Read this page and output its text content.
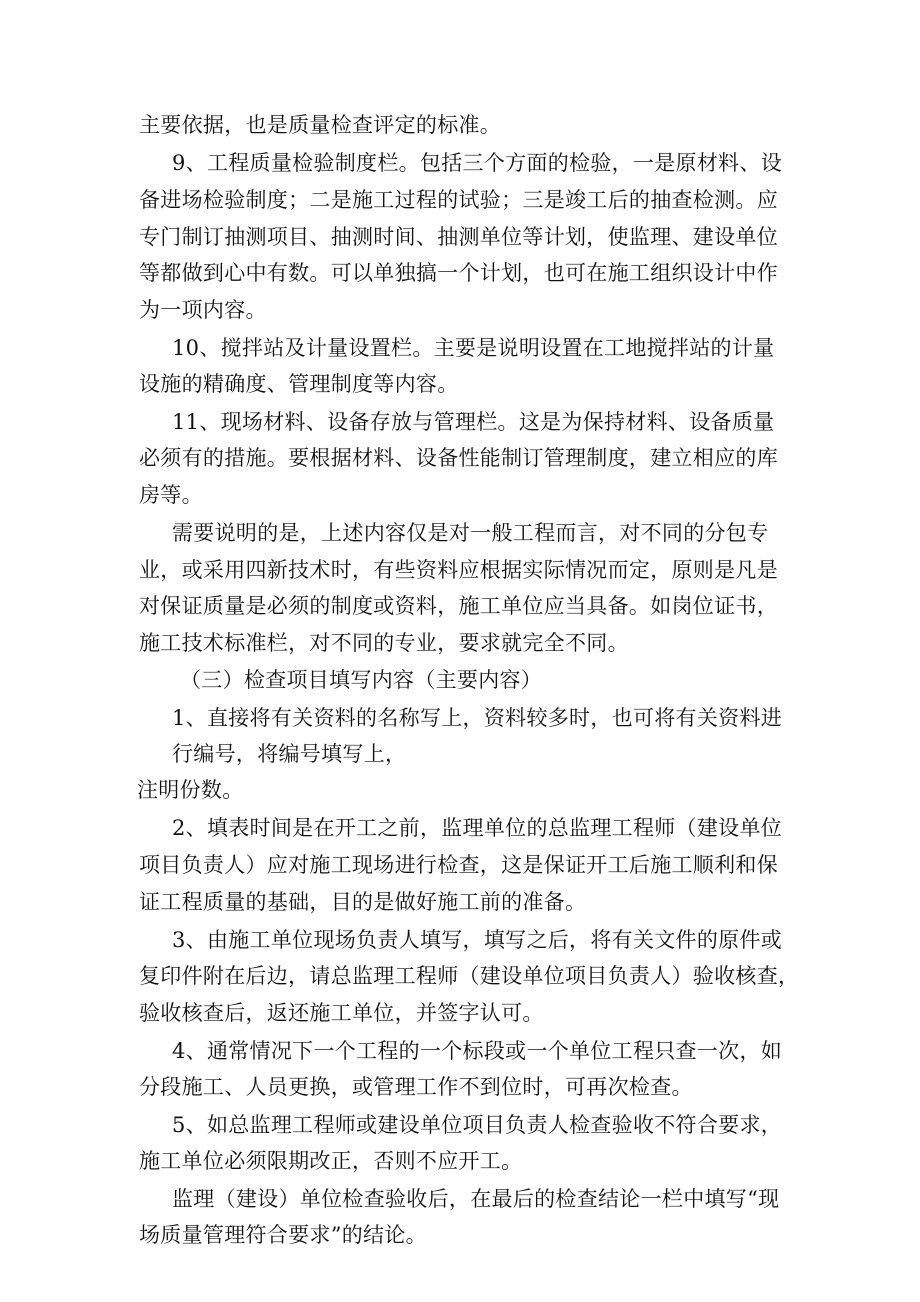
主要依据，也是质量检查评定的标准。
9、工程质量检验制度栏。包括三个方面的检验，一是原材料、设
备进场检验制度；二是施工过程的试验；三是竣工后的抽查检测。应
专门制订抽测项目、抽测时间、抽测单位等计划，使监理、建设单位
等都做到心中有数。可以单独搞一个计划，也可在施工组织设计中作
为一项内容。
10、搅拌站及计量设置栏。主要是说明设置在工地搅拌站的计量
设施的精确度、管理制度等内容。
11、现场材料、设备存放与管理栏。这是为保持材料、设备质量
必须有的措施。要根据材料、设备性能制订管理制度，建立相应的库
房等。
需要说明的是，上述内容仅是对一般工程而言，对不同的分包专
业，或采用四新技术时，有些资料应根据实际情况而定，原则是凡是
对保证质量是必须的制度或资料，施工单位应当具备。如岗位证书，
施工技术标准栏，对不同的专业，要求就完全不同。
（三）检查项目填写内容（主要内容）
1、直接将有关资料的名称写上，资料较多时，也可将有关资料进
行编号，将编号填写上，
注明份数。
2、填表时间是在开工之前，监理单位的总监理工程师（建设单位
项目负责人）应对施工现场进行检查，这是保证开工后施工顺利和保
证工程质量的基础，目的是做好施工前的准备。
3、由施工单位现场负责人填写，填写之后，将有关文件的原件或
复印件附在后边，请总监理工程师（建设单位项目负责人）验收核查，
验收核查后，返还施工单位，并签字认可。
4、通常情况下一个工程的一个标段或一个单位工程只查一次，如
分段施工、人员更换，或管理工作不到位时，可再次检查。
5、如总监理工程师或建设单位项目负责人检查验收不符合要求，
施工单位必须限期改正，否则不应开工。
监理（建设）单位检查验收后，在最后的检查结论一栏中填写“现
场质量管理符合要求”的结论。
